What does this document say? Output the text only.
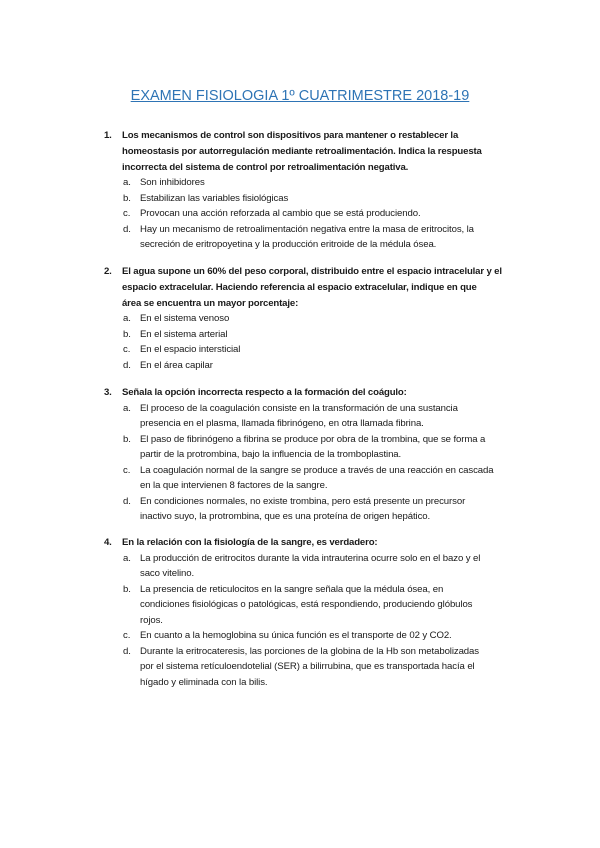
EXAMEN FISIOLOGIA 1º CUATRIMESTRE 2018-19
1. Los mecanismos de control son dispositivos para mantener o restablecer la
homeostasis por autorregulación mediante retroalimentación. Indica la respuesta
incorrecta del sistema de control por retroalimentación negativa.
a. Son inhibidores
b. Estabilizan las variables fisiológicas
c. Provocan una acción reforzada al cambio que se está produciendo.
d. Hay un mecanismo de retroalimentación negativa entre la masa de eritrocitos, la
secreción de eritropoyetina y la producción eritroide de la médula ósea.
2. El agua supone un 60% del peso corporal, distribuido entre el espacio intracelular y el
espacio extracelular. Haciendo referencia al espacio extracelular, indique en que
área se encuentra un mayor porcentaje:
a. En el sistema venoso
b. En el sistema arterial
c. En el espacio intersticial
d. En el área capilar
3. Señala la opción incorrecta respecto a la formación del coágulo:
a. El proceso de la coagulación consiste en la transformación de una sustancia
presencia en el plasma, llamada fibrinógeno, en otra llamada fibrina.
b. El paso de fibrinógeno a fibrina se produce por obra de la trombina, que se forma a
partir de la protrombina, bajo la influencia de la tromboplastina.
c. La coagulación normal de la sangre se produce a través de una reacción en cascada
en la que intervienen 8 factores de la sangre.
d. En condiciones normales, no existe trombina, pero está presente un precursor
inactivo suyo, la protrombina, que es una proteína de origen hepático.
4. En la relación con la fisiología de la sangre, es verdadero:
a. La producción de eritrocitos durante la vida intrauterina ocurre solo en el bazo y el
saco vitelino.
b. La presencia de reticulocitos en la sangre señala que la médula ósea, en
condiciones fisiológicas o patológicas, está respondiendo, produciendo glóbulos
rojos.
c. En cuanto a la hemoglobina su única función es el transporte de 02 y CO2.
d. Durante la eritrocateresis, las porciones de la globina de la Hb son metabolizadas
por el sistema retículoendotelial (SER) a bilirrubina, que es transportada hacía el
hígado y eliminada con la bilis.
